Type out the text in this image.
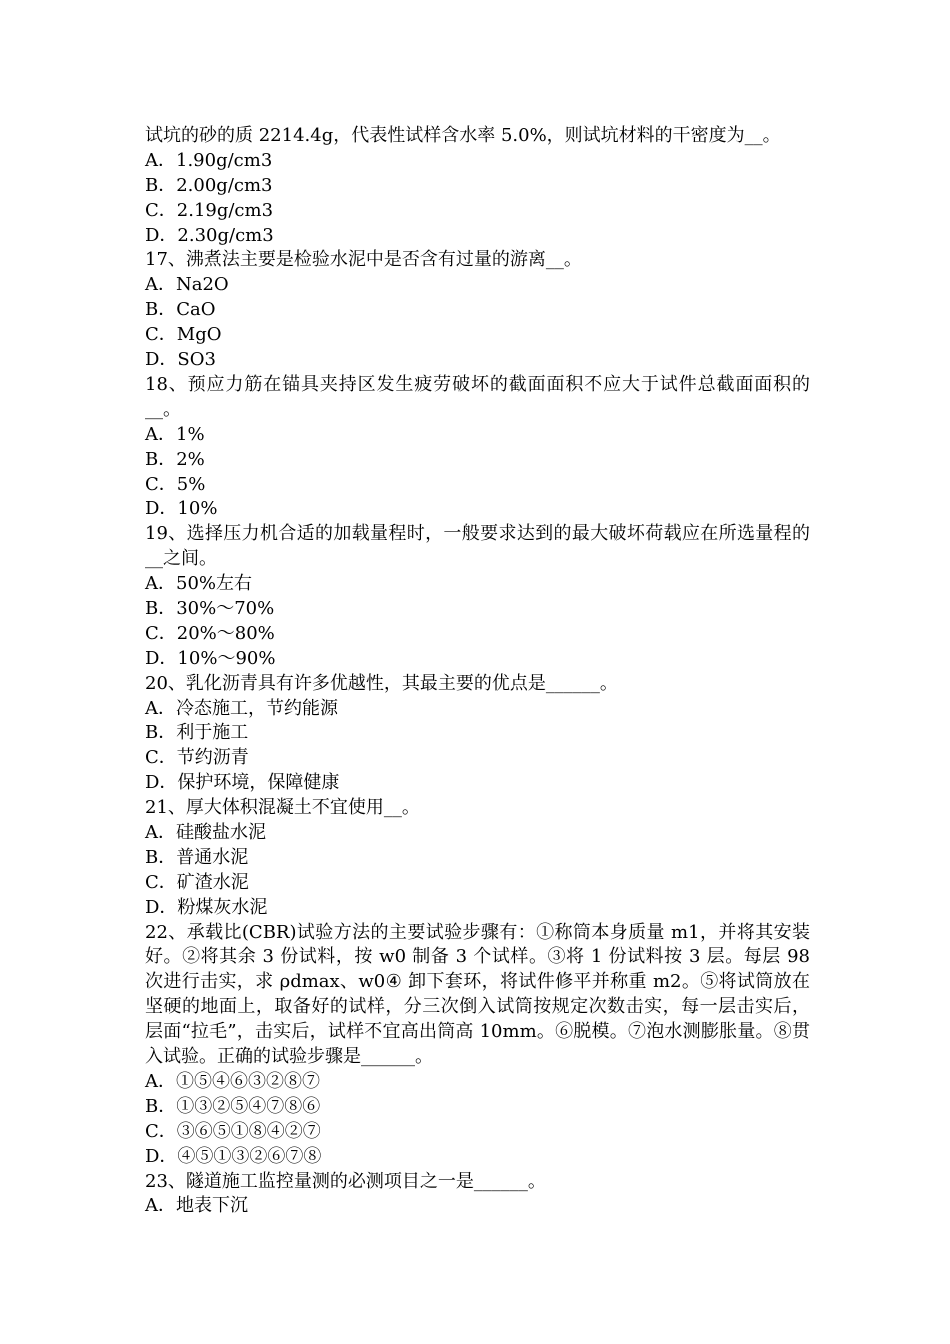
试坑的砂的质 2214.4g，代表性试样含水率 5.0%，则试坑材料的干密度为__。
A．1.90g/cm3
B．2.00g/cm3
C．2.19g/cm3
D．2.30g/cm3
17、沸煮法主要是检验水泥中是否含有过量的游离__。
A．Na2O
B．CaO
C．MgO
D．SO3
18、预应力筋在锚具夹持区发生疲劳破坏的截面面积不应大于试件总截面面积的__。
A．1%
B．2%
C．5%
D．10%
19、选择压力机合适的加载量程时，一般要求达到的最大破坏荷载应在所选量程的__之间。
A．50%左右
B．30%～70%
C．20%～80%
D．10%～90%
20、乳化沥青具有许多优越性，其最主要的优点是______。
A．冷态施工，节约能源
B．利于施工
C．节约沥青
D．保护环境，保障健康
21、厚大体积混凝土不宜使用__。
A．硅酸盐水泥
B．普通水泥
C．矿渣水泥
D．粉煤灰水泥
22、承载比(CBR)试验方法的主要试验步骤有：①称筒本身质量 m1，并将其安装好。②将其余 3 份试料，按 w0 制备 3 个试样。③将 1 份试料按 3 层。每层 98 次进行击实，求 ρdmax、w0④ 卸下套环，将试件修平并称重 m2。⑤将试筒放在坚硬的地面上，取备好的试样，分三次倒入试筒按规定次数击实，每一层击实后，层面“拉毛”，击实后，试样不宜高出筒高 10mm。⑥脱模。⑦泡水测膨胀量。⑧贯入试验。正确的试验步骤是______。
A．①⑤④⑥③②⑧⑦
B．①③②⑤④⑦⑧⑥
C．③⑥⑤①⑧④②⑦
D．④⑤①③②⑥⑦⑧
23、隧道施工监控量测的必测项目之一是______。
A．地表下沉
